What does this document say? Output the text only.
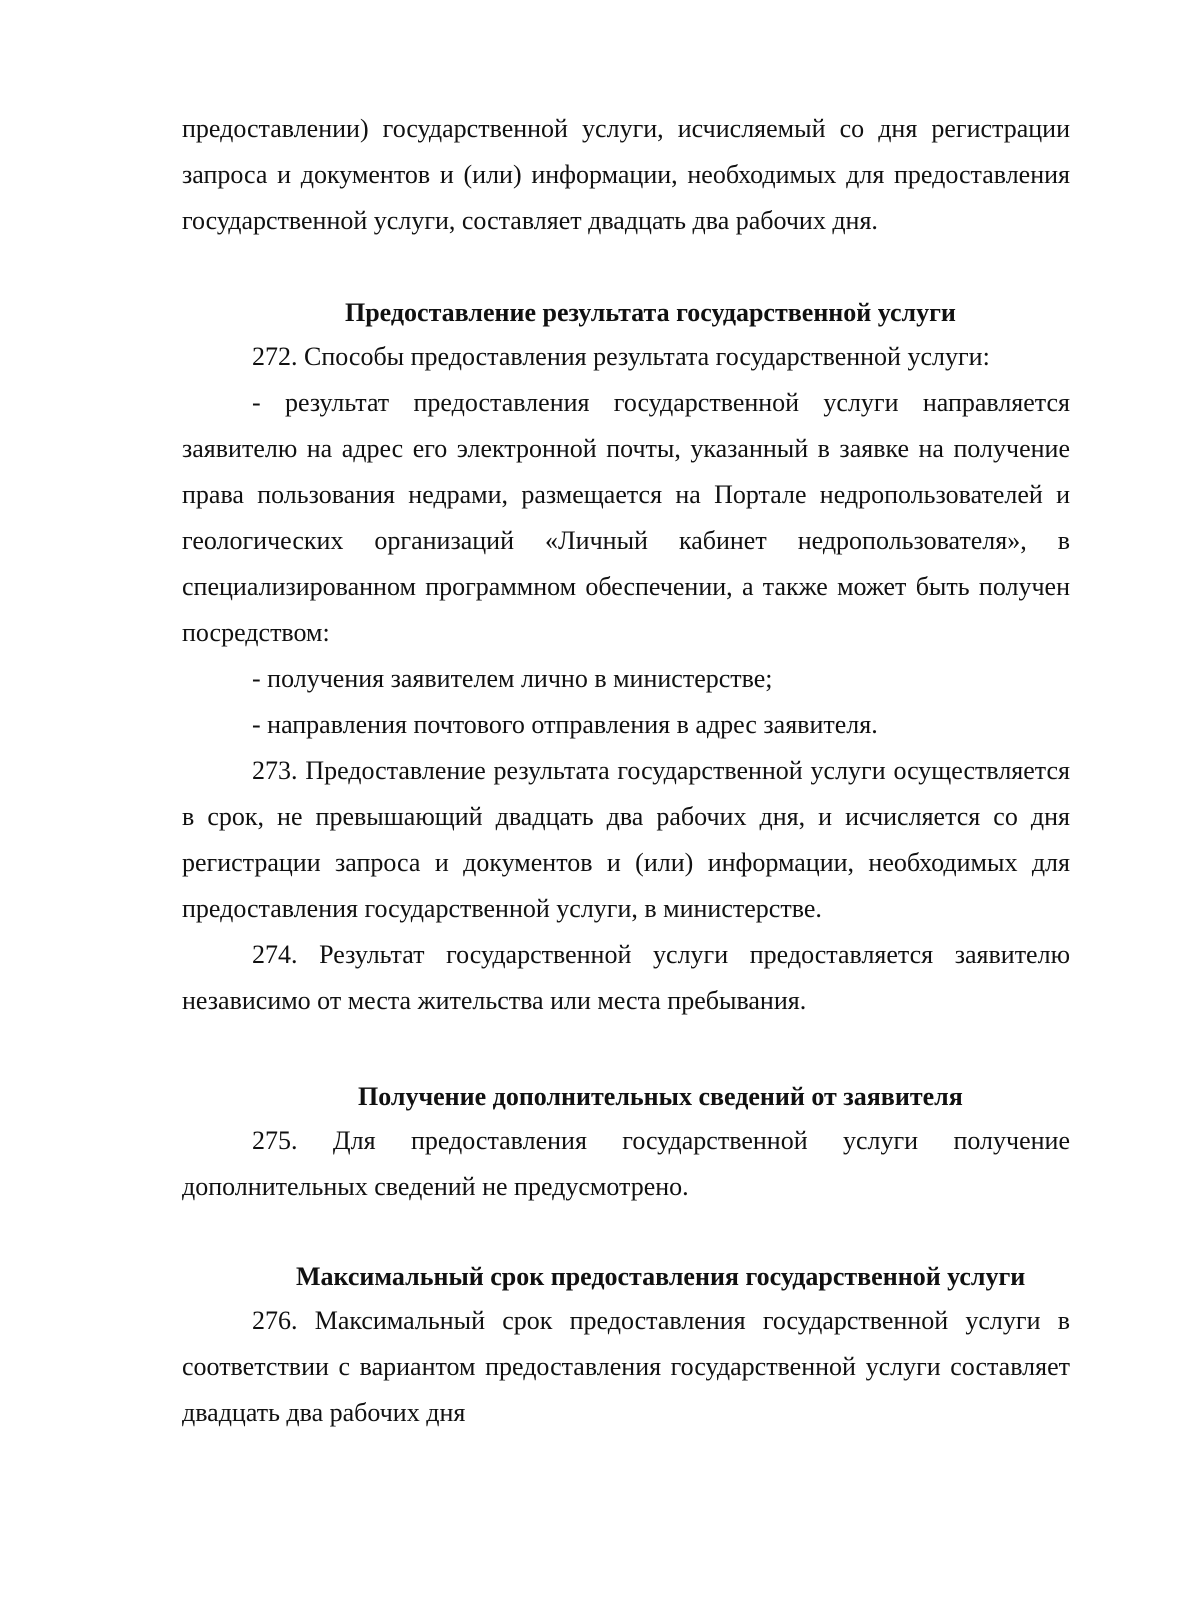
предоставлении) государственной услуги, исчисляемый со дня регистрации запроса и документов и (или) информации, необходимых для предоставления государственной услуги, составляет двадцать два рабочих дня.

Предоставление результата государственной услуги

272. Способы предоставления результата государственной услуги:

- результат предоставления государственной услуги направляется заявителю на адрес его электронной почты, указанный в заявке на получение права пользования недрами, размещается на Портале недропользователей и геологических организаций «Личный кабинет недропользователя», в специализированном программном обеспечении, а также может быть получен посредством:

- получения заявителем лично в министерстве;

- направления почтового отправления в адрес заявителя.

273. Предоставление результата государственной услуги осуществляется в срок, не превышающий двадцать два рабочих дня, и исчисляется со дня регистрации запроса и документов и (или) информации, необходимых для предоставления государственной услуги, в министерстве.

274. Результат государственной услуги предоставляется заявителю независимо от места жительства или места пребывания.

Получение дополнительных сведений от заявителя

275. Для предоставления государственной услуги получение дополнительных сведений не предусмотрено.

Максимальный срок предоставления государственной услуги

276. Максимальный срок предоставления государственной услуги в соответствии с вариантом предоставления государственной услуги составляет двадцать два рабочих дня
